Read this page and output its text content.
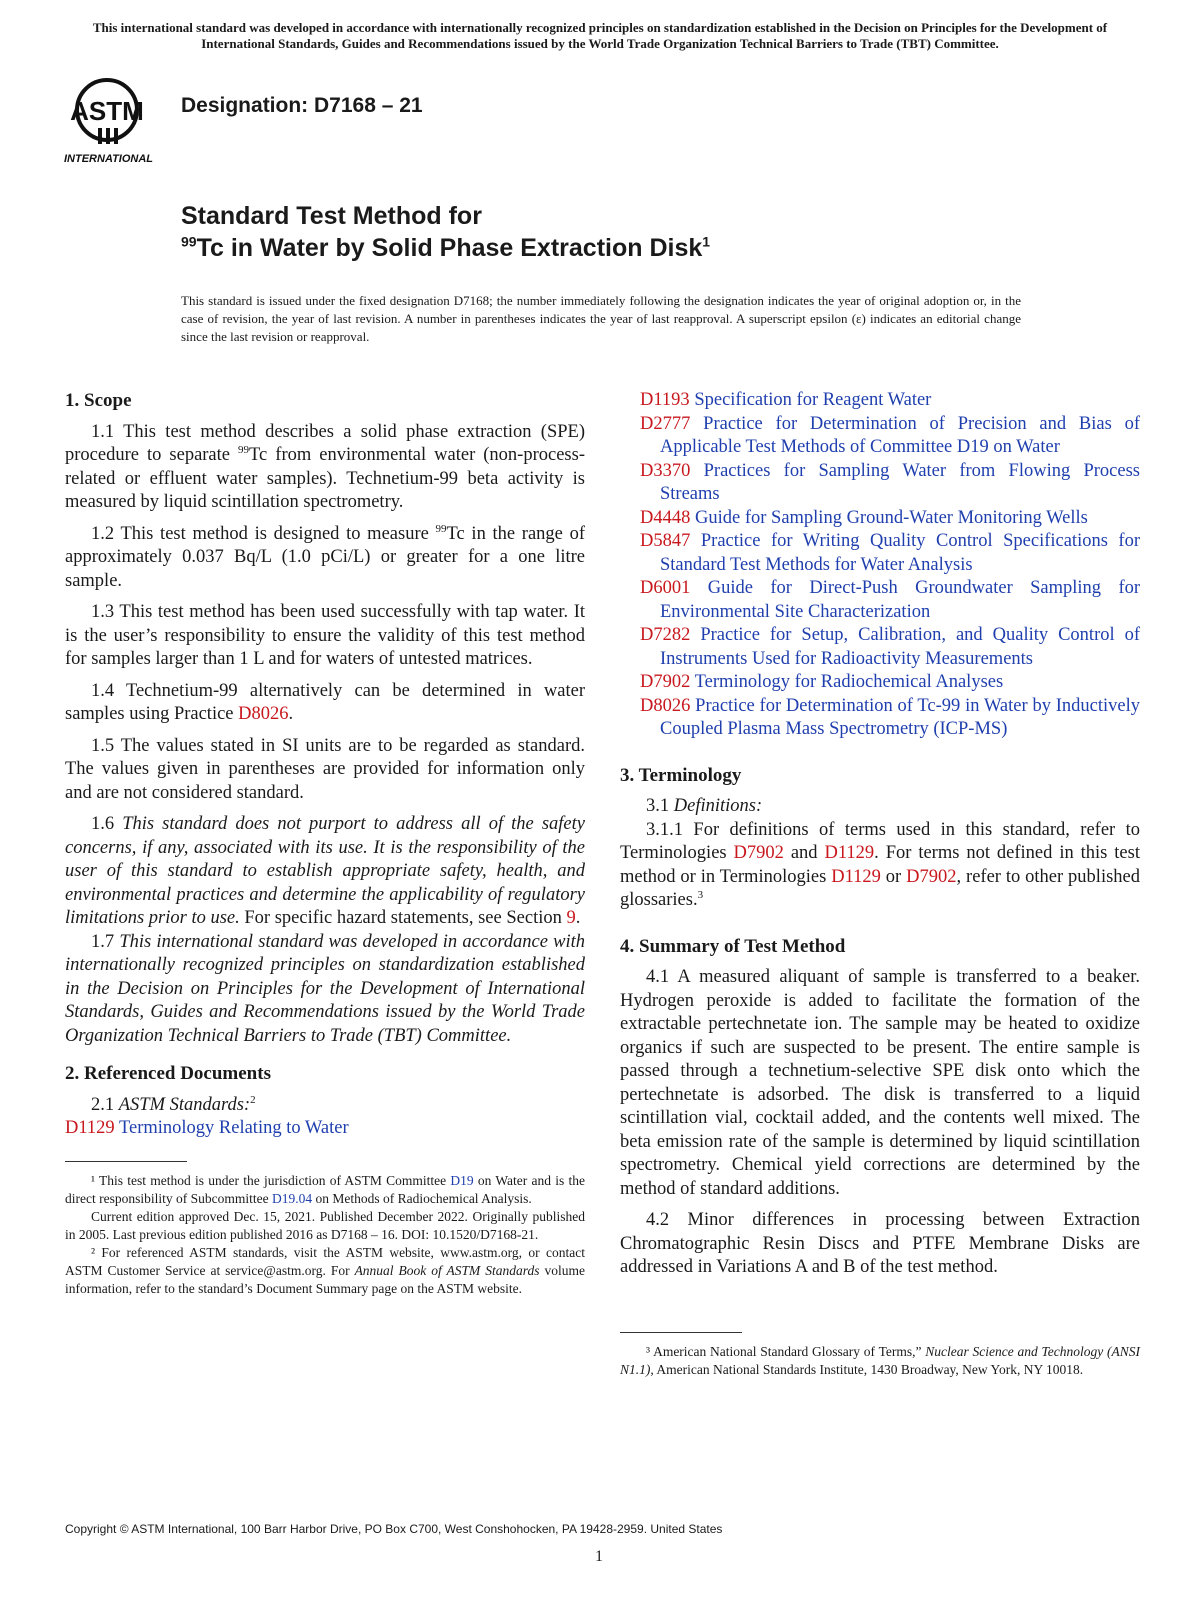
This international standard was developed in accordance with internationally recognized principles on standardization established in the Decision on Principles for the Development of International Standards, Guides and Recommendations issued by the World Trade Organization Technical Barriers to Trade (TBT) Committee.
ASTM
INTERNATIONAL
Designation: D7168 – 21
Standard Test Method for
$^{99}$Tc in Water by Solid Phase Extraction Disk$^1$
This standard is issued under the fixed designation D7168; the number immediately following the designation indicates the year of original adoption or, in the case of revision, the year of last revision. A number in parentheses indicates the year of last reapproval. A superscript epsilon (ε) indicates an editorial change since the last revision or reapproval.
1. Scope

1.1 This test method describes a solid phase extraction (SPE) procedure to separate $^{99}$Tc from environmental water (non-process-related or effluent water samples). Technetium-99 beta activity is measured by liquid scintillation spectrometry.

1.2 This test method is designed to measure $^{99}$Tc in the range of approximately 0.037 Bq/L (1.0 pCi/L) or greater for a one litre sample.

1.3 This test method has been used successfully with tap water. It is the user’s responsibility to ensure the validity of this test method for samples larger than 1 L and for waters of untested matrices.

1.4 Technetium-99 alternatively can be determined in water samples using Practice D8026.

1.5 The values stated in SI units are to be regarded as standard. The values given in parentheses are provided for information only and are not considered standard.

1.6 This standard does not purport to address all of the safety concerns, if any, associated with its use. It is the responsibility of the user of this standard to establish appropriate safety, health, and environmental practices and determine the applicability of regulatory limitations prior to use. For specific hazard statements, see Section 9.

1.7 This international standard was developed in accordance with internationally recognized principles on standardization established in the Decision on Principles for the Development of International Standards, Guides and Recommendations issued by the World Trade Organization Technical Barriers to Trade (TBT) Committee.

2. Referenced Documents

2.1 ASTM Standards:$^2$

D1129 Terminology Relating to Water

¹ This test method is under the jurisdiction of ASTM Committee D19 on Water and is the direct responsibility of Subcommittee D19.04 on Methods of Radiochemical Analysis.

Current edition approved Dec. 15, 2021. Published December 2022. Originally published in 2005. Last previous edition published 2016 as D7168 – 16. DOI: 10.1520/D7168-21.

² For referenced ASTM standards, visit the ASTM website, www.astm.org, or contact ASTM Customer Service at service@astm.org. For Annual Book of ASTM Standards volume information, refer to the standard’s Document Summary page on the ASTM website.

D1193 Specification for Reagent Water

D2777 Practice for Determination of Precision and Bias of Applicable Test Methods of Committee D19 on Water

D3370 Practices for Sampling Water from Flowing Process Streams

D4448 Guide for Sampling Ground-Water Monitoring Wells

D5847 Practice for Writing Quality Control Specifications for Standard Test Methods for Water Analysis

D6001 Guide for Direct-Push Groundwater Sampling for Environmental Site Characterization

D7282 Practice for Setup, Calibration, and Quality Control of Instruments Used for Radioactivity Measurements

D7902 Terminology for Radiochemical Analyses

D8026 Practice for Determination of Tc-99 in Water by Inductively Coupled Plasma Mass Spectrometry (ICP-MS)

3. Terminology

3.1 Definitions:

3.1.1 For definitions of terms used in this standard, refer to Terminologies D7902 and D1129. For terms not defined in this test method or in Terminologies D1129 or D7902, refer to other published glossaries.$^3$

4. Summary of Test Method

4.1 A measured aliquant of sample is transferred to a beaker. Hydrogen peroxide is added to facilitate the formation of the extractable pertechnetate ion. The sample may be heated to oxidize organics if such are suspected to be present. The entire sample is passed through a technetium-selective SPE disk onto which the pertechnetate is adsorbed. The disk is transferred to a liquid scintillation vial, cocktail added, and the contents well mixed. The beta emission rate of the sample is determined by liquid scintillation spectrometry. Chemical yield corrections are determined by the method of standard additions.

4.2 Minor differences in processing between Extraction Chromatographic Resin Discs and PTFE Membrane Disks are addressed in Variations A and B of the test method.

³ American National Standard Glossary of Terms,” Nuclear Science and Technology (ANSI N1.1), American National Standards Institute, 1430 Broadway, New York, NY 10018.

Copyright © ASTM International, 100 Barr Harbor Drive, PO Box C700, West Conshohocken, PA 19428-2959. United States
1
